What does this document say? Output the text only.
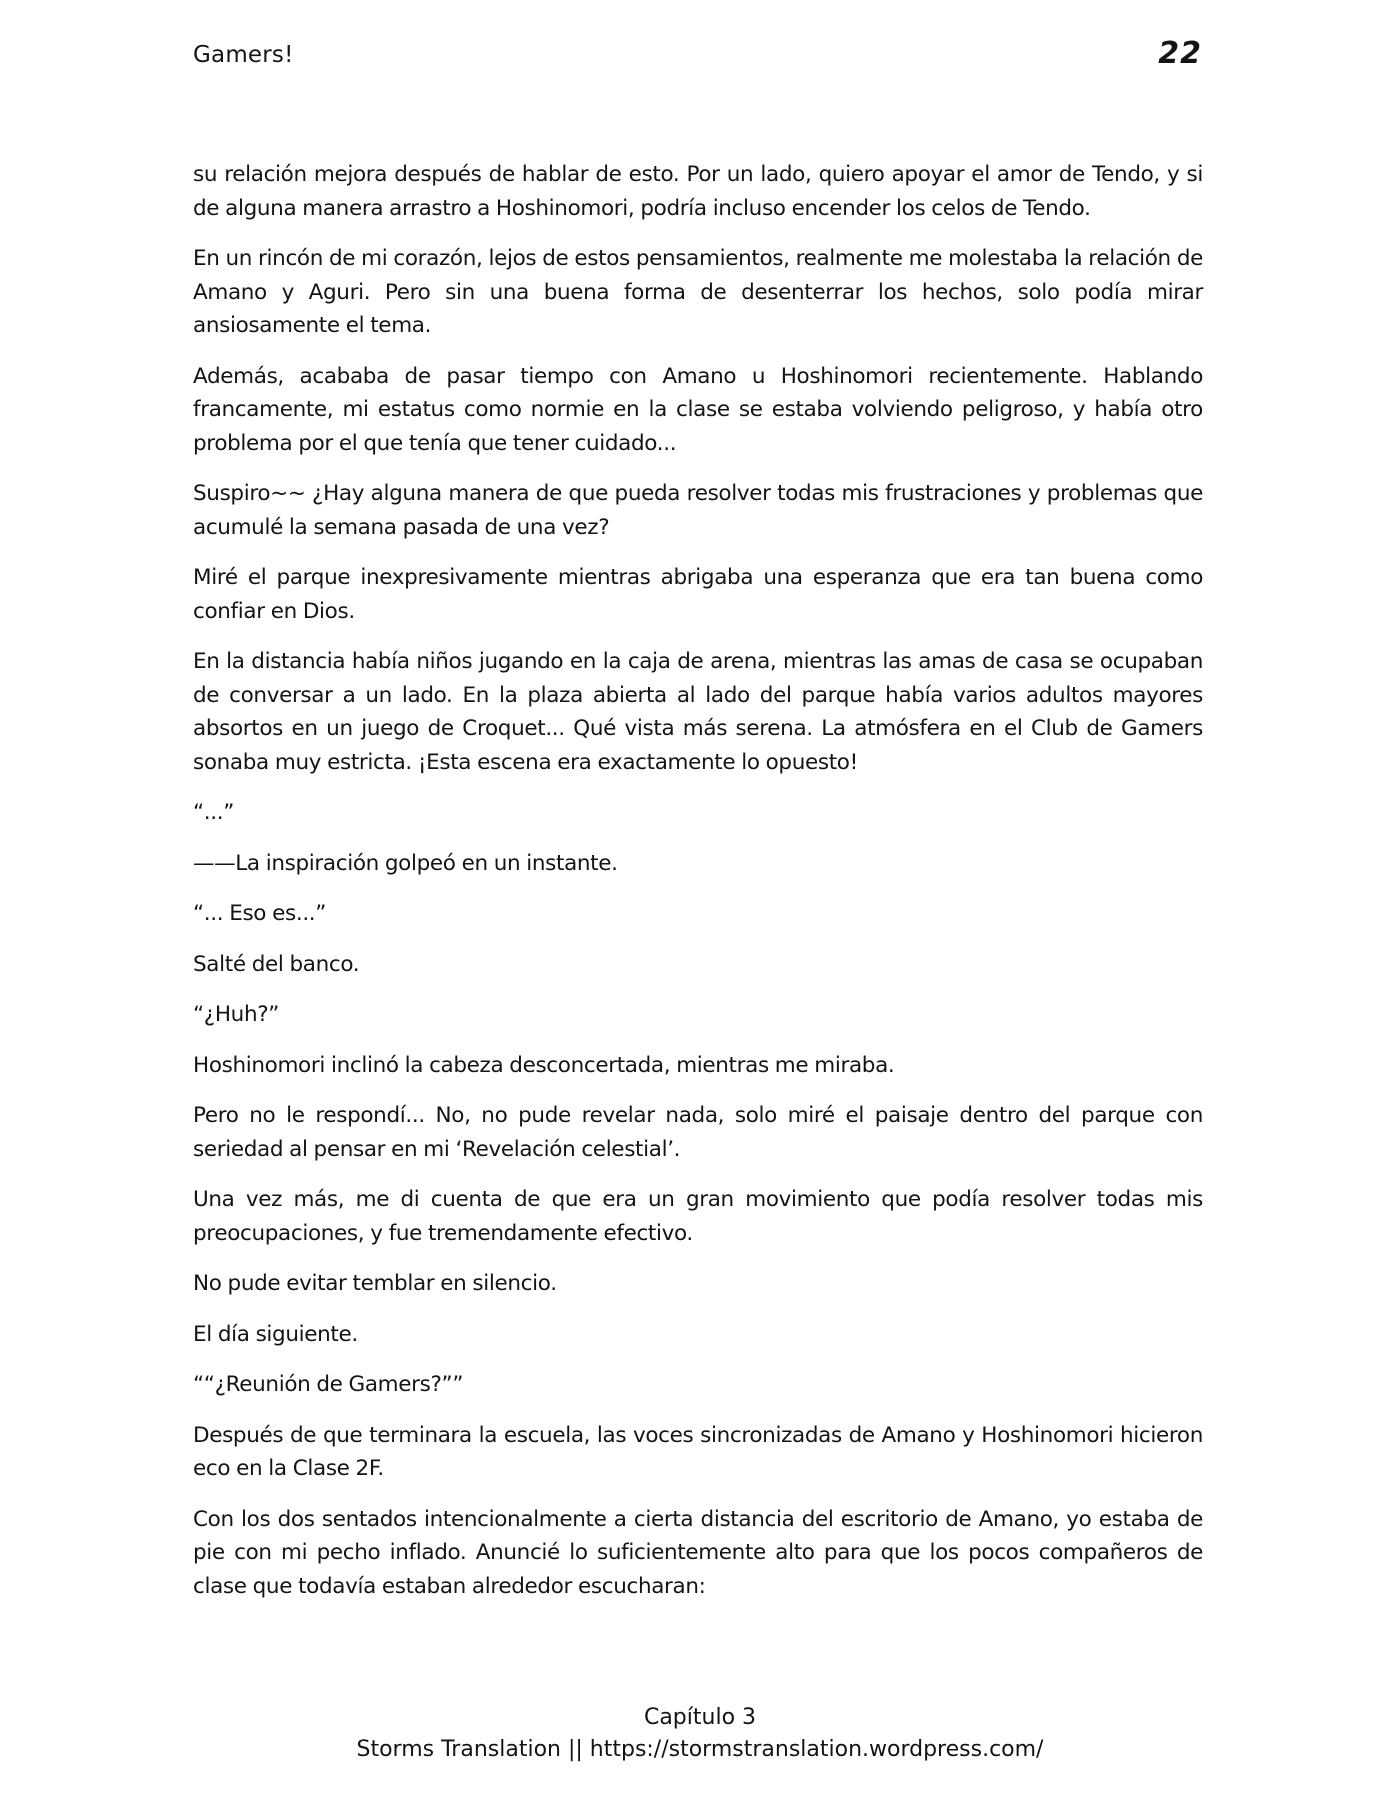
Gamers!	22

su relación mejora después de hablar de esto. Por un lado, quiero apoyar el amor de Tendo, y si de alguna manera arrastro a Hoshinomori, podría incluso encender los celos de Tendo.

En un rincón de mi corazón, lejos de estos pensamientos, realmente me molestaba la relación de Amano y Aguri. Pero sin una buena forma de desenterrar los hechos, solo podía mirar ansiosamente el tema.

Además, acababa de pasar tiempo con Amano u Hoshinomori recientemente. Hablando francamente, mi estatus como normie en la clase se estaba volviendo peligroso, y había otro problema por el que tenía que tener cuidado...

Suspiro~~ ¿Hay alguna manera de que pueda resolver todas mis frustraciones y problemas que acumulé la semana pasada de una vez?

Miré el parque inexpresivamente mientras abrigaba una esperanza que era tan buena como confiar en Dios.

En la distancia había niños jugando en la caja de arena, mientras las amas de casa se ocupaban de conversar a un lado. En la plaza abierta al lado del parque había varios adultos mayores absortos en un juego de Croquet... Qué vista más serena. La atmósfera en el Club de Gamers sonaba muy estricta. ¡Esta escena era exactamente lo opuesto!

“...”

——La inspiración golpeó en un instante.

“... Eso es...”

Salté del banco.

“¿Huh?”

Hoshinomori inclinó la cabeza desconcertada, mientras me miraba.

Pero no le respondí... No, no pude revelar nada, solo miré el paisaje dentro del parque con seriedad al pensar en mi ‘Revelación celestial’.

Una vez más, me di cuenta de que era un gran movimiento que podía resolver todas mis preocupaciones, y fue tremendamente efectivo.

No pude evitar temblar en silencio.

El día siguiente.

““¿Reunión de Gamers?””

Después de que terminara la escuela, las voces sincronizadas de Amano y Hoshinomori hicieron eco en la Clase 2F.

Con los dos sentados intencionalmente a cierta distancia del escritorio de Amano, yo estaba de pie con mi pecho inflado. Anuncié lo suficientemente alto para que los pocos compañeros de clase que todavía estaban alrededor escucharan:

Capítulo 3
Storms Translation || https://stormstranslation.wordpress.com/
